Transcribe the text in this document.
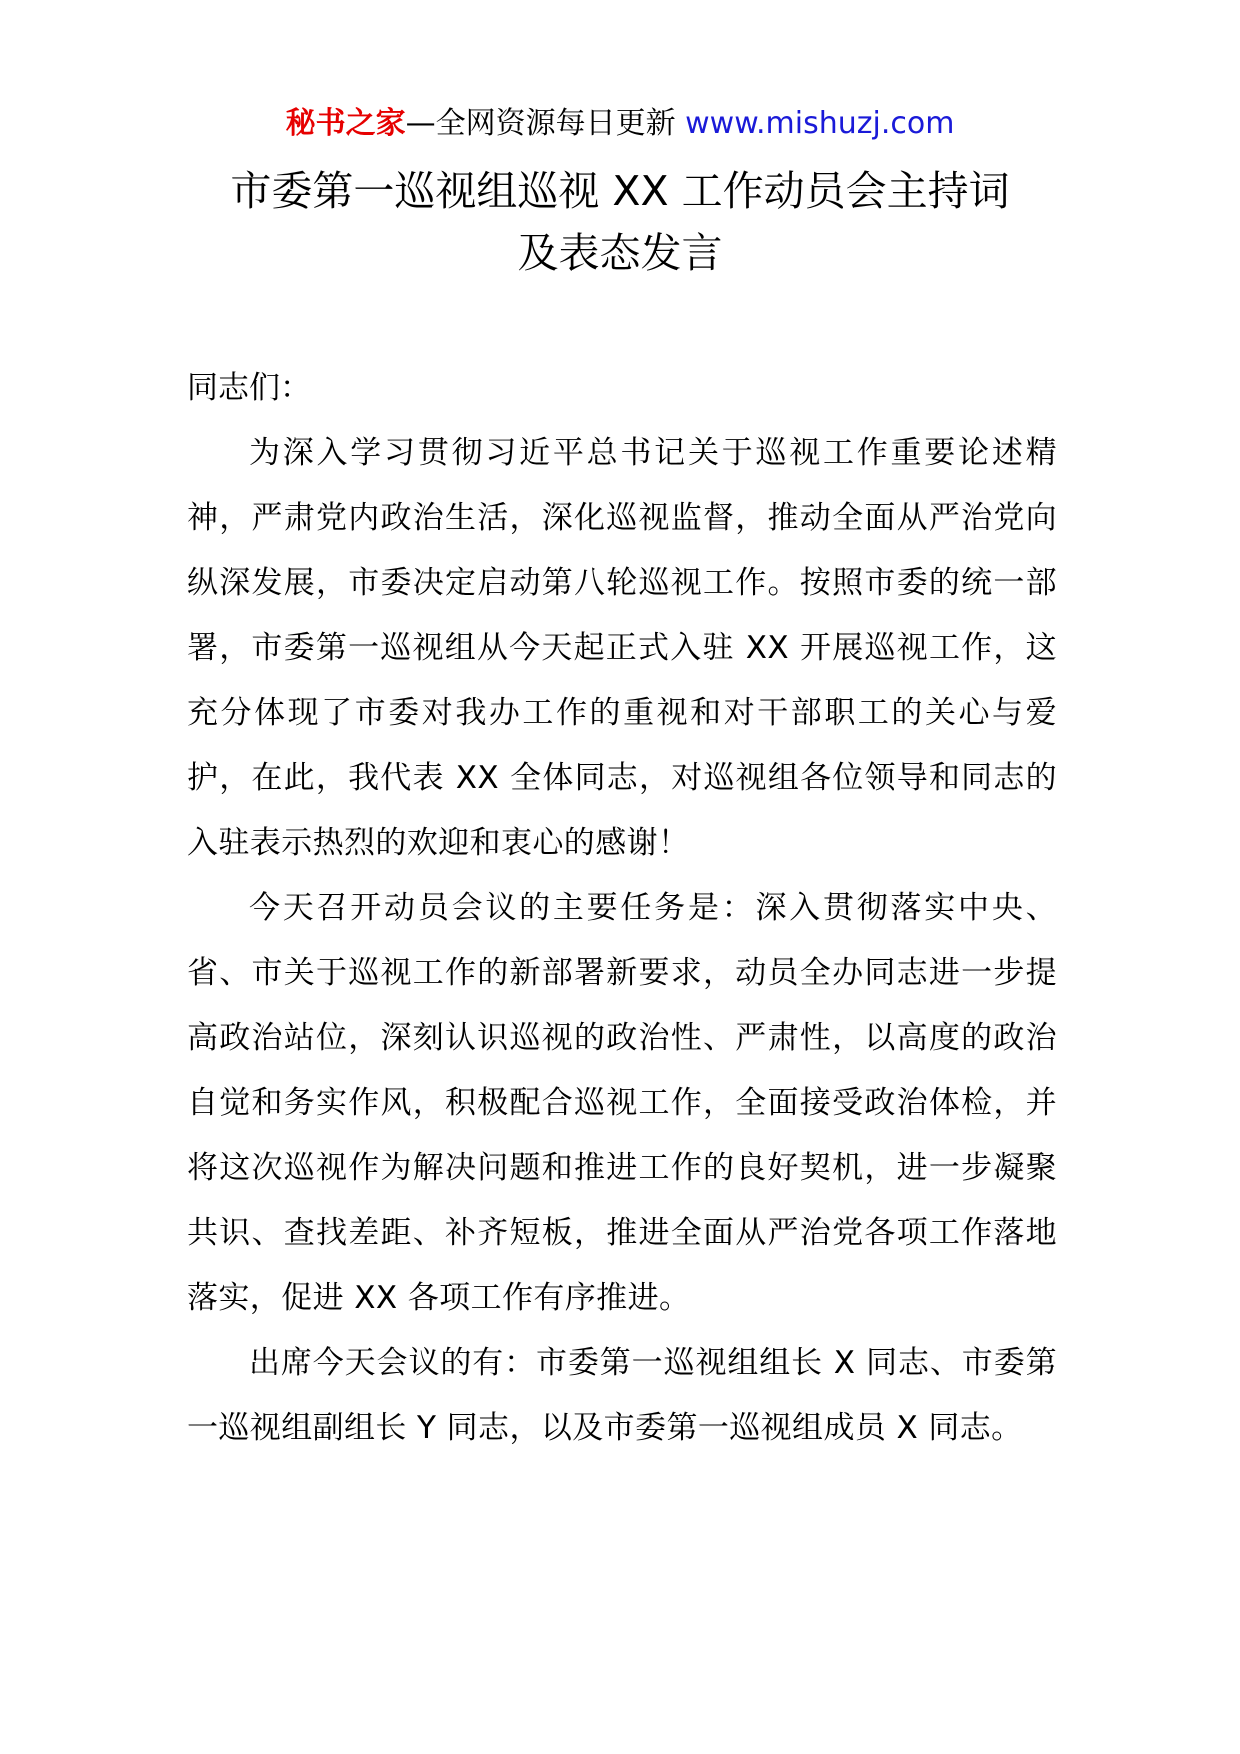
秘书之家—全网资源每日更新 www.mishuzj.com
市委第一巡视组巡视 XX 工作动员会主持词
及表态发言

同志们：

为深入学习贯彻习近平总书记关于巡视工作重要论述精神，严肃党内政治生活，深化巡视监督，推动全面从严治党向纵深发展，市委决定启动第八轮巡视工作。按照市委的统一部署，市委第一巡视组从今天起正式入驻 XX 开展巡视工作，这充分体现了市委对我办工作的重视和对干部职工的关心与爱护，在此，我代表 XX 全体同志，对巡视组各位领导和同志的入驻表示热烈的欢迎和衷心的感谢！

今天召开动员会议的主要任务是：深入贯彻落实中央、省、市关于巡视工作的新部署新要求，动员全办同志进一步提高政治站位，深刻认识巡视的政治性、严肃性，以高度的政治自觉和务实作风，积极配合巡视工作，全面接受政治体检，并将这次巡视作为解决问题和推进工作的良好契机，进一步凝聚共识、查找差距、补齐短板，推进全面从严治党各项工作落地落实，促进 XX 各项工作有序推进。

出席今天会议的有：市委第一巡视组组长 X 同志、市委第一巡视组副组长 Y 同志，以及市委第一巡视组成员 X 同志。
